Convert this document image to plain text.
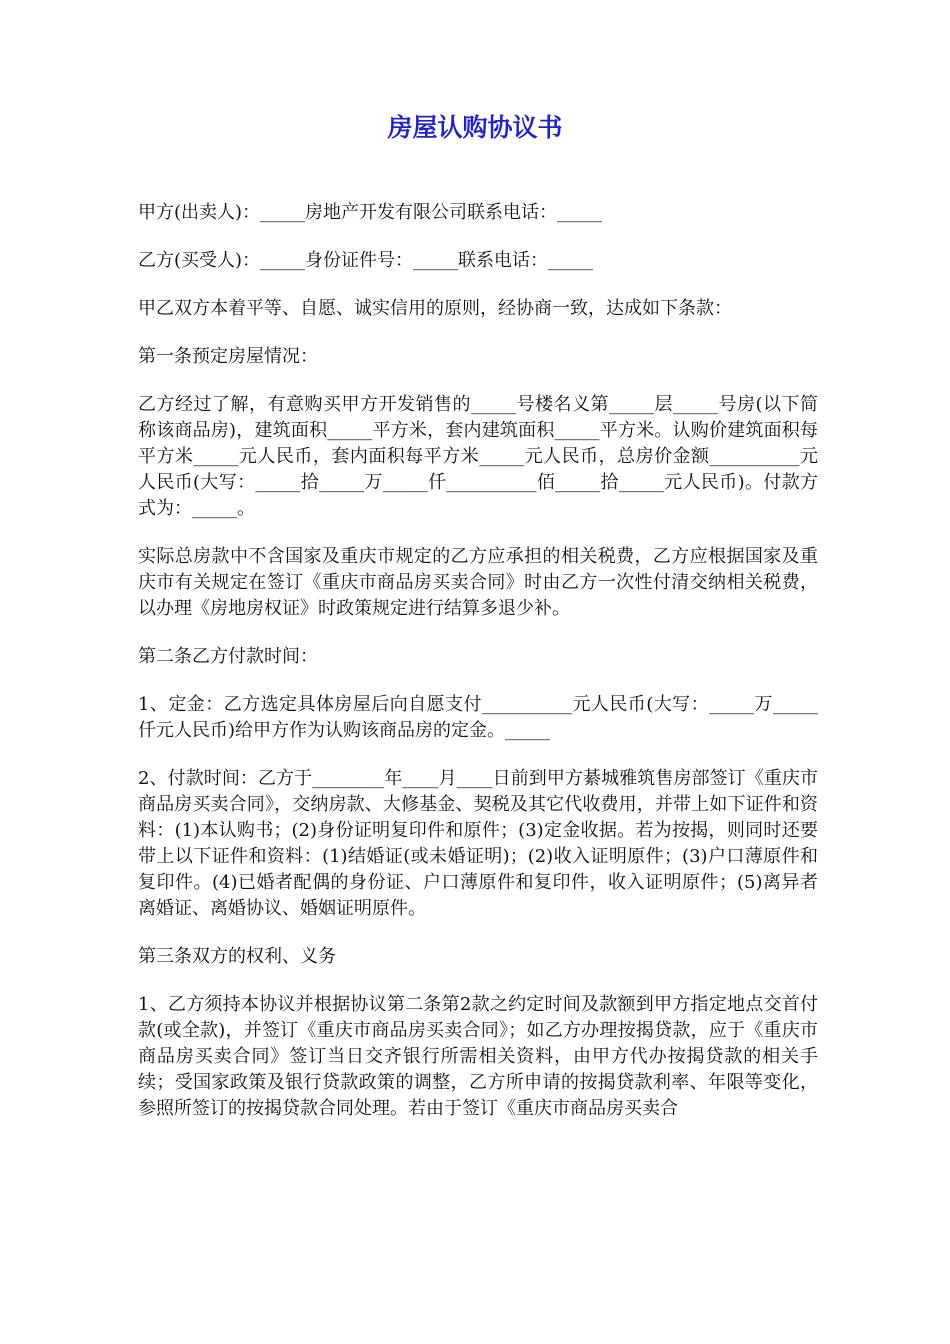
房屋认购协议书

甲方(出卖人)：_____房地产开发有限公司联系电话：_____

乙方(买受人)：_____身份证件号：_____联系电话：_____

甲乙双方本着平等、自愿、诚实信用的原则，经协商一致，达成如下条款：

第一条预定房屋情况：

乙方经过了解，有意购买甲方开发销售的_____号楼名义第_____层_____号房(以下简称该商品房)，建筑面积_____平方米，套内建筑面积_____平方米。认购价建筑面积每平方米_____元人民币，套内面积每平方米_____元人民币，总房价金额__________元人民币(大写：_____拾_____万_____仟__________佰_____拾_____元人民币)。付款方式为：_____。

实际总房款中不含国家及重庆市规定的乙方应承担的相关税费，乙方应根据国家及重庆市有关规定在签订《重庆市商品房买卖合同》时由乙方一次性付清交纳相关税费，以办理《房地房权证》时政策规定进行结算多退少补。

第二条乙方付款时间：

1、定金：乙方选定具体房屋后向自愿支付__________元人民币(大写：_____万_____仟元人民币)给甲方作为认购该商品房的定金。_____

2、付款时间：乙方于________年____月____日前到甲方綦城雅筑售房部签订《重庆市商品房买卖合同》，交纳房款、大修基金、契税及其它代收费用，并带上如下证件和资料：(1)本认购书；(2)身份证明复印件和原件；(3)定金收据。若为按揭，则同时还要带上以下证件和资料：(1)结婚证(或未婚证明)；(2)收入证明原件；(3)户口薄原件和复印件。(4)已婚者配偶的身份证、户口薄原件和复印件，收入证明原件；(5)离异者离婚证、离婚协议、婚姻证明原件。

第三条双方的权利、义务

1、乙方须持本协议并根据协议第二条第2款之约定时间及款额到甲方指定地点交首付款(或全款)，并签订《重庆市商品房买卖合同》；如乙方办理按揭贷款，应于《重庆市商品房买卖合同》签订当日交齐银行所需相关资料，由甲方代办按揭贷款的相关手续；受国家政策及银行贷款政策的调整，乙方所申请的按揭贷款利率、年限等变化，参照所签订的按揭贷款合同处理。若由于签订《重庆市商品房买卖合
